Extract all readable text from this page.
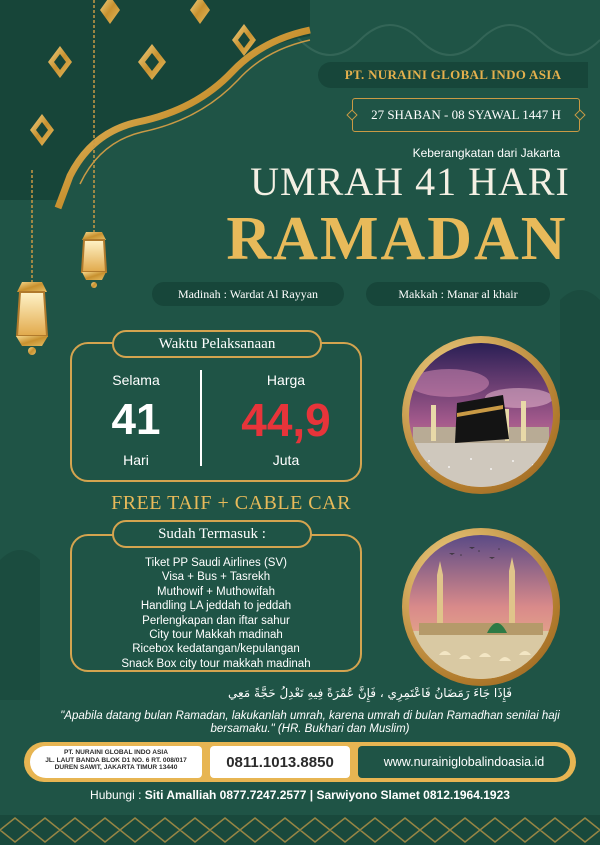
PT. NURAINI GLOBAL INDO ASIA
27 SHABAN - 08 SYAWAL 1447 H
Keberangkatan dari Jakarta
UMRAH 41 HARI
RAMADAN
Madinah : Wardat Al Rayyan	Makkah : Manar al khair
Waktu Pelaksanaan
Selama
41
Hari
Harga
44,9
Juta
FREE TAIF + CABLE CAR
Sudah Termasuk :
Tiket PP Saudi Airlines (SV)
Visa + Bus + Tasrekh
Muthowif + Muthowifah
Handling LA jeddah to jeddah
Perlengkapan dan iftar sahur
City tour Makkah madinah
Ricebox kedatangan/kepulangan
Snack Box city tour makkah madinah
فَإِذَا جَاءَ رَمَضَانُ فَاعْتَمِرِي ، فَإِنَّ عُمْرَةً فِيهِ تَعْدِلُ حَجَّةً مَعِي
"Apabila datang bulan Ramadan, lakukanlah umrah, karena umrah di bulan Ramadhan senilai haji bersamaku." (HR. Bukhari dan Muslim)
PT. NURAINI GLOBAL INDO ASIA
JL. LAUT BANDA BLOK D1 NO. 6 RT. 008/017
DUREN SAWIT, JAKARTA TIMUR 13440	0811.1013.8850	www.nurainiglobalindoasia.id
Hubungi : Siti Amalliah 0877.7247.2577 | Sarwiyono Slamet 0812.1964.1923
